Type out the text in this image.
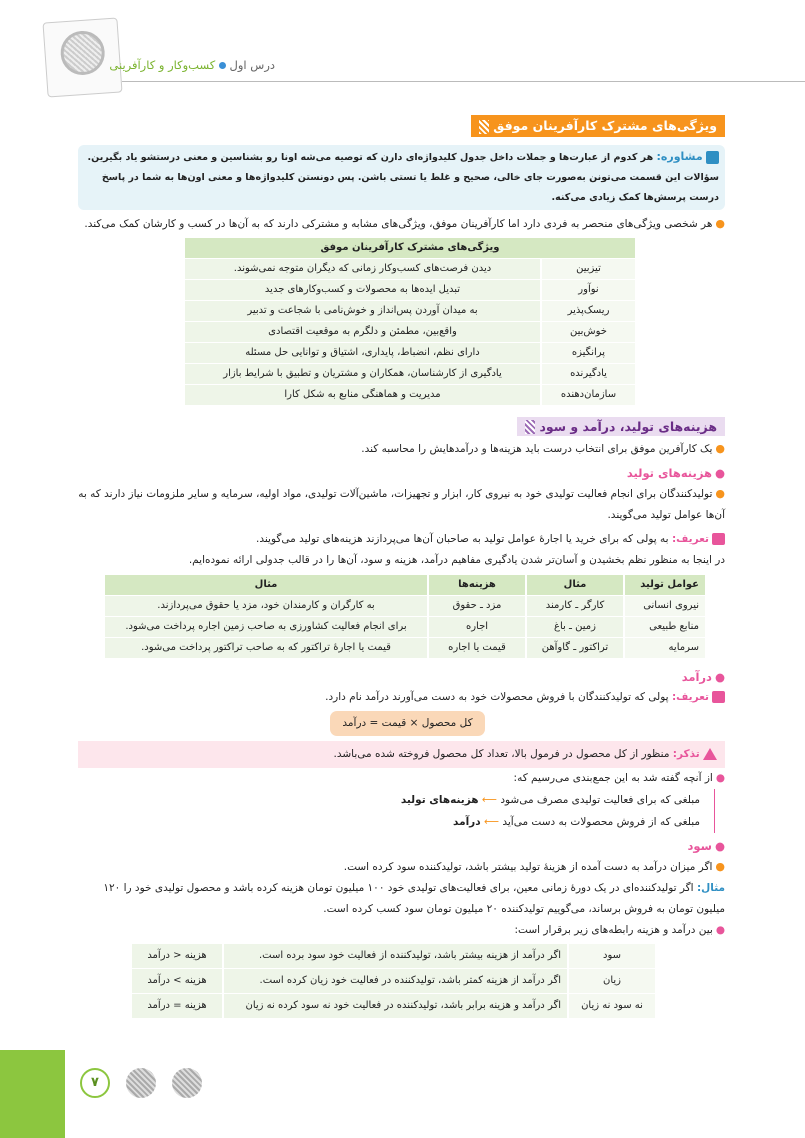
درس اول  کسب‌وکار و کارآفرینی
ویژگی‌های مشترک کارآفرینان موفق
مشاوره: هر کدوم از عبارت‌ها و جملات داخل جدول کلیدواژه‌ای دارن که توصیه می‌شه اونا رو بشناسین و معنی درستشو یاد بگیرین. سؤالات این قسمت می‌تونن به‌صورت جای خالی، صحیح و غلط یا تستی باشن. پس دونستن کلیدواژه‌ها و معنی اون‌ها به شما در پاسخ درست پرسش‌ها کمک زیادی می‌کنه.
●هر شخصی ویژگی‌های منحصر به فردی دارد اما کارآفرینان موفق، ویژگی‌های مشابه و مشترکی دارند که به آن‌ها در کسب و کارشان کمک می‌کند.
ویژگی‌های مشترک کارآفرینان موفق	
تیزبین	دیدن فرصت‌های کسب‌وکار زمانی که دیگران متوجه نمی‌شوند.
نوآور	تبدیل ایده‌ها به محصولات و کسب‌وکارهای جدید
ریسک‌پذیر	به میدان آوردن پس‌انداز و خوش‌نامی با شجاعت و تدبیر
خوش‌بین	واقع‌بین، مطمئن و دلگرم به موقعیت اقتصادی
پرانگیزه	دارای نظم، انضباط، پایداری، اشتیاق و توانایی حل مسئله
یادگیرنده	یادگیری از کارشناسان، همکاران و مشتریان و تطبیق با شرایط بازار
سازمان‌دهنده	مدیریت و هماهنگی منابع به شکل کارا
هزینه‌های تولید، درآمد و سود
●یک کارآفرین موفق برای انتخاب درست باید هزینه‌ها و درآمدهایش را محاسبه کند.
●هزینه‌های تولید
●تولیدکنندگان برای انجام فعالیت تولیدی خود به نیروی کار، ابزار و تجهیزات، ماشین‌آلات تولیدی، مواد اولیه، سرمایه و سایر ملزومات نیاز دارند که به آن‌ها عوامل تولید می‌گویند.
تعریف: به پولی که برای خرید یا اجارهٔ عوامل تولید به صاحبان آن‌ها می‌پردازند هزینه‌های تولید می‌گویند.
در اینجا به منظور نظم بخشیدن و آسان‌تر شدن یادگیری مفاهیم درآمد، هزینه و سود، آن‌ها را در قالب جدولی ارائه نموده‌ایم.
عوامل تولید	مثال	هزینه‌ها	مثال
نیروی انسانی	کارگر ـ کارمند	مزد ـ حقوق	به کارگران و کارمندان خود، مزد یا حقوق می‌پردازند.
منابع طبیعی	زمین ـ باغ	اجاره	برای انجام فعالیت کشاورزی به صاحب زمین اجاره پرداخت می‌شود.
سرمایه	تراکتور ـ گاوآهن	قیمت یا اجاره	قیمت یا اجارهٔ تراکتور که به صاحب تراکتور پرداخت می‌شود.
●درآمد
تعریف: پولی که تولیدکنندگان با فروش محصولات خود به دست می‌آورند درآمد نام دارد.
کل محصول × قیمت = درآمد
تذکر: منظور از کل محصول در فرمول بالا، تعداد کل محصول فروخته شده می‌باشد.
●از آنچه گفته شد به این جمع‌بندی می‌رسیم که:
مبلغی که برای فعالیت تولیدی مصرف می‌شود ⟵ هزینه‌های تولید
مبلغی که از فروش محصولات به دست می‌آید ⟵ درآمد
●سود
●اگر میزان درآمد به دست آمده از هزینهٔ تولید بیشتر باشد، تولیدکننده سود کرده است.
مثال: اگر تولیدکننده‌ای در یک دورهٔ زمانی معین، برای فعالیت‌های تولیدی خود ۱۰۰ میلیون تومان هزینه کرده باشد و محصول تولیدی خود را ۱۲۰ میلیون تومان به فروش برساند، می‌گوییم تولیدکننده ۲۰ میلیون تومان سود کسب کرده است.
●بین درآمد و هزینه رابطه‌های زیر برقرار است:
سود	اگر درآمد از هزینه بیشتر باشد، تولیدکننده از فعالیت خود سود برده است.	هزینه < درآمد
زیان	اگر درآمد از هزینه کمتر باشد، تولیدکننده در فعالیت خود زیان کرده است.	هزینه > درآمد
نه سود نه زیان	اگر درآمد و هزینه برابر باشد، تولیدکننده در فعالیت خود نه سود کرده نه زیان	هزینه = درآمد
۷
